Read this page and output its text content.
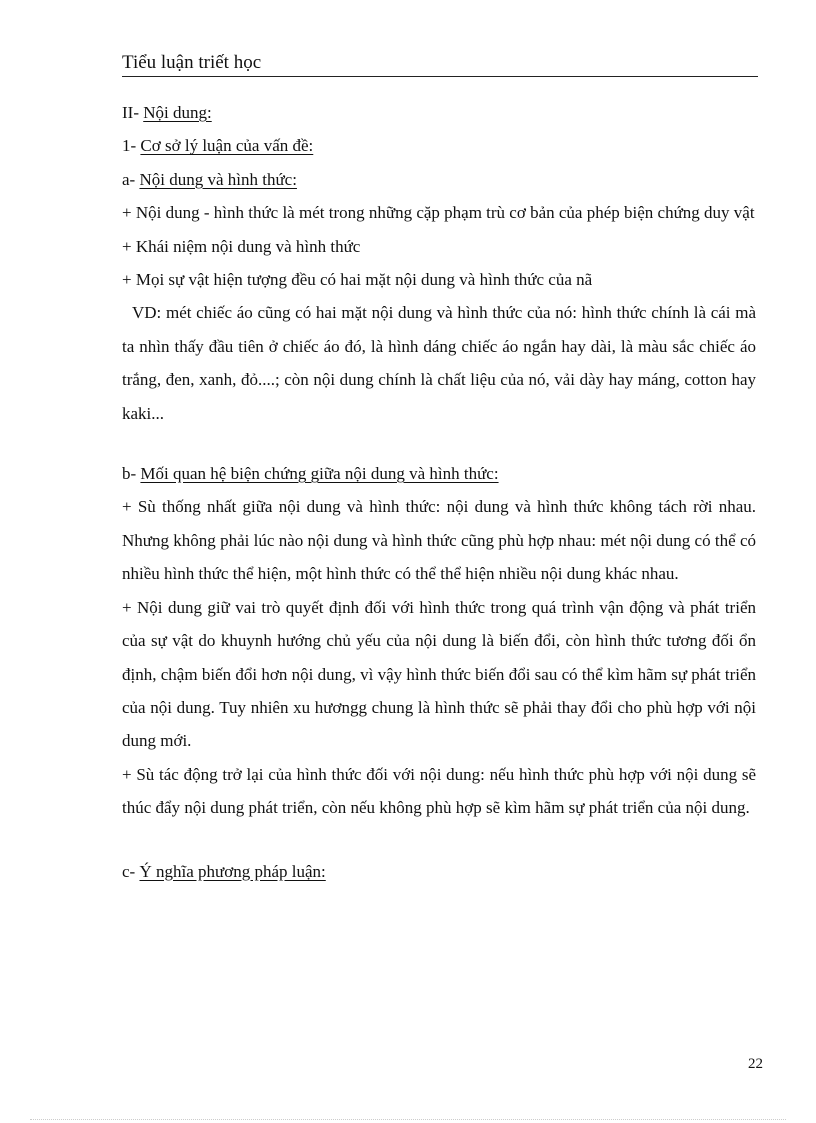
Tiểu luận triết học

II- Nội dung:

1- Cơ sở lý luận của vấn đề:

a- Nội dung và hình thức:

+ Nội dung - hình thức là mét trong những cặp phạm trù cơ bản của phép biện chứng duy vật

+ Khái niệm nội dung và hình thức

+ Mọi sự vật hiện tượng đều có hai mặt nội dung và hình thức của nã

VD: mét chiếc áo cũng có hai mặt nội dung và hình thức của nó: hình thức chính là cái mà ta nhìn thấy đầu tiên ở chiếc áo đó, là hình dáng chiếc áo ngắn hay dài, là màu sắc chiếc áo trắng, đen, xanh, đỏ....; còn nội dung chính là chất liệu của nó, vải dày hay máng, cotton hay kaki...

b- Mối quan hệ biện chứng giữa nội dung và hình thức:

+ Sù thống nhất giữa nội dung và hình thức: nội dung và hình thức không tách rời nhau. Nhưng không phải lúc nào nội dung và hình thức cũng phù hợp nhau: mét nội dung có thể có nhiều hình thức thể hiện, một hình thức có thể thể hiện nhiều nội dung khác nhau.

+ Nội dung giữ vai trò quyết định đối với hình thức trong quá trình vận động và phát triển của sự vật do khuynh hướng chủ yếu của nội dung là biến đổi, còn hình thức tương đối ổn định, chậm biến đổi hơn nội dung, vì vậy hình thức biến đổi sau có thể kìm hãm sự phát triển của nội dung. Tuy nhiên xu hươngg chung là hình thức sẽ phải thay đổi cho phù hợp với nội dung mới.

+ Sù tác động trở lại của hình thức đối với nội dung: nếu hình thức phù hợp với nội dung sẽ thúc đẩy nội dung phát triển, còn nếu không phù hợp sẽ kìm hãm sự phát triển của nội dung.

c- Ý nghĩa phương pháp luận:

22
